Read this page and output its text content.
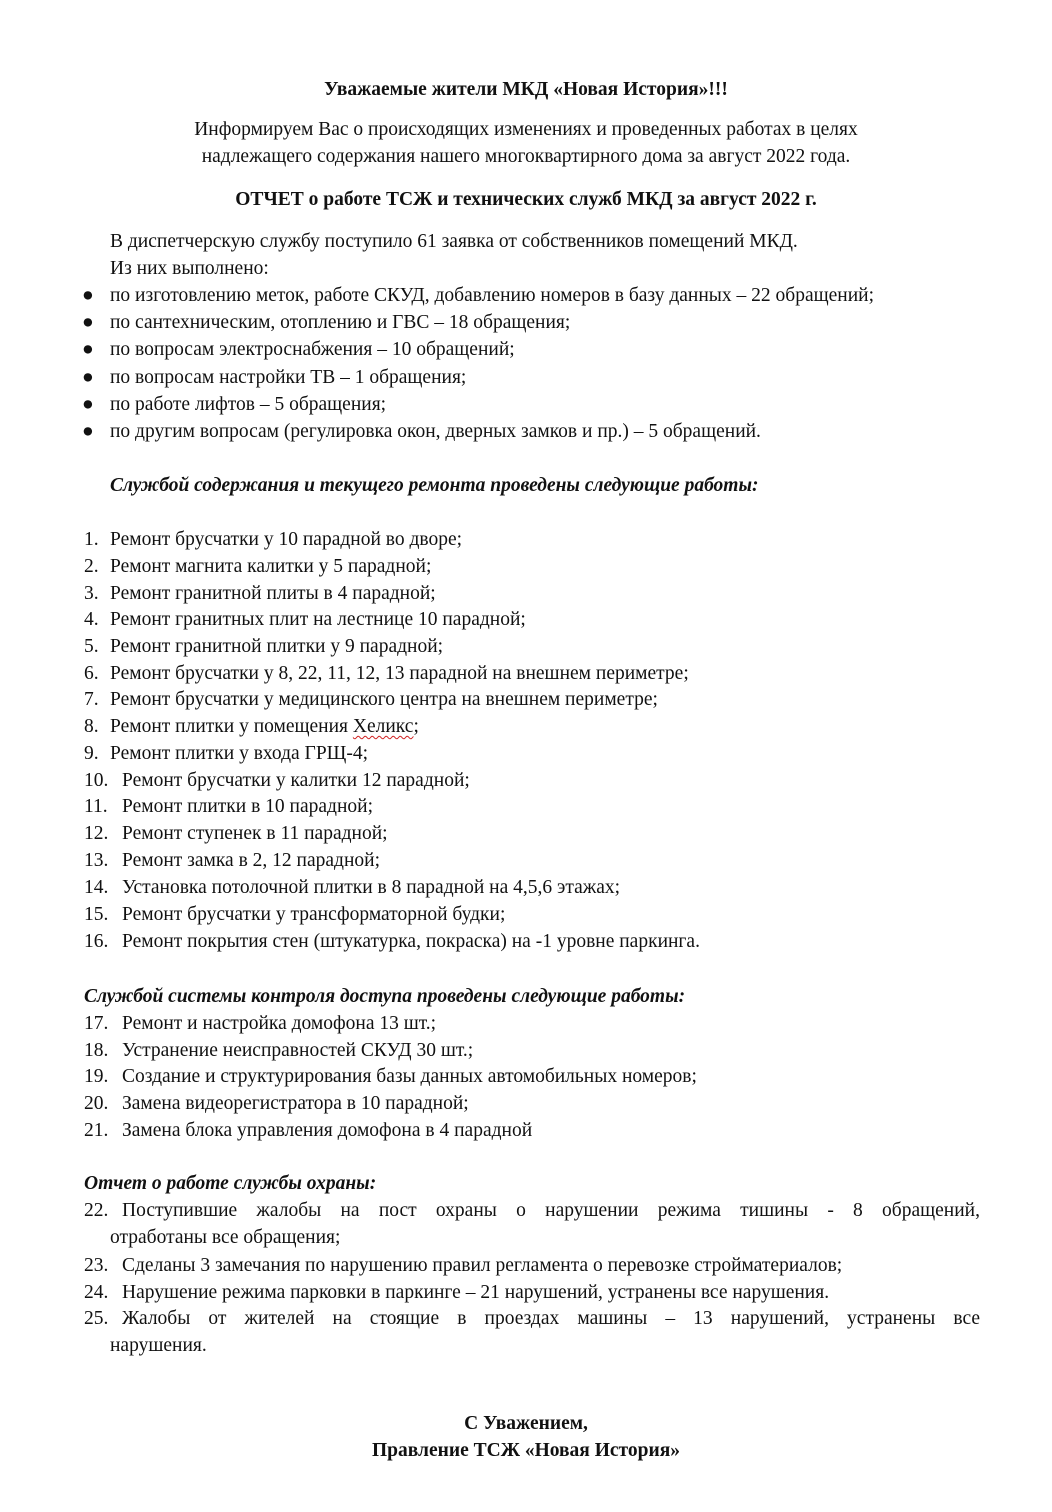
Уважаемые жители МКД «Новая История»!!!
Информируем Вас о происходящих изменениях и проведенных работах в целях
надлежащего содержания нашего многоквартирного дома за август 2022 года.
ОТЧЕТ о работе ТСЖ и технических служб МКД за август 2022 г.
В диспетчерскую службу поступило 61 заявка от собственников помещений МКД.
Из них выполнено:
● по изготовлению меток, работе СКУД, добавлению номеров в базу данных – 22 обращений;
● по сантехническим, отоплению и ГВС – 18 обращения;
● по вопросам электроснабжения – 10 обращений;
● по вопросам настройки ТВ – 1 обращения;
● по работе лифтов – 5 обращения;
● по другим вопросам (регулировка окон, дверных замков и пр.) – 5 обращений.
Службой содержания и текущего ремонта проведены следующие работы:
1. Ремонт брусчатки у 10 парадной во дворе;
2. Ремонт магнита калитки у 5 парадной;
3. Ремонт гранитной плиты в 4 парадной;
4. Ремонт гранитных плит на лестнице 10 парадной;
5. Ремонт гранитной плитки у 9 парадной;
6. Ремонт брусчатки у 8, 22, 11, 12, 13 парадной на внешнем периметре;
7. Ремонт брусчатки у медицинского центра на внешнем периметре;
8. Ремонт плитки у помещения Хеликс;
9. Ремонт плитки у входа ГРЩ-4;
10. Ремонт брусчатки у калитки 12 парадной;
11. Ремонт плитки в 10 парадной;
12. Ремонт ступенек в 11 парадной;
13. Ремонт замка в 2, 12 парадной;
14. Установка потолочной плитки в 8 парадной на 4,5,6 этажах;
15. Ремонт брусчатки у трансформаторной будки;
16. Ремонт покрытия стен (штукатурка, покраска) на -1 уровне паркинга.
Службой системы контроля доступа проведены следующие работы:
17. Ремонт и настройка домофона 13 шт.;
18. Устранение неисправностей СКУД 30 шт.;
19. Создание и структурирования базы данных автомобильных номеров;
20. Замена видеорегистратора в 10 парадной;
21. Замена блока управления домофона в 4 парадной
Отчет о работе службы охраны:
22. Поступившие жалобы на пост охраны о нарушении режима тишины - 8 обращений,
отработаны все обращения;
23. Сделаны 3 замечания по нарушению правил регламента о перевозке стройматериалов;
24. Нарушение режима парковки в паркинге – 21 нарушений, устранены все нарушения.
25. Жалобы от жителей на стоящие в проездах машины – 13 нарушений, устранены все
нарушения.
С Уважением,
Правление ТСЖ «Новая История»
